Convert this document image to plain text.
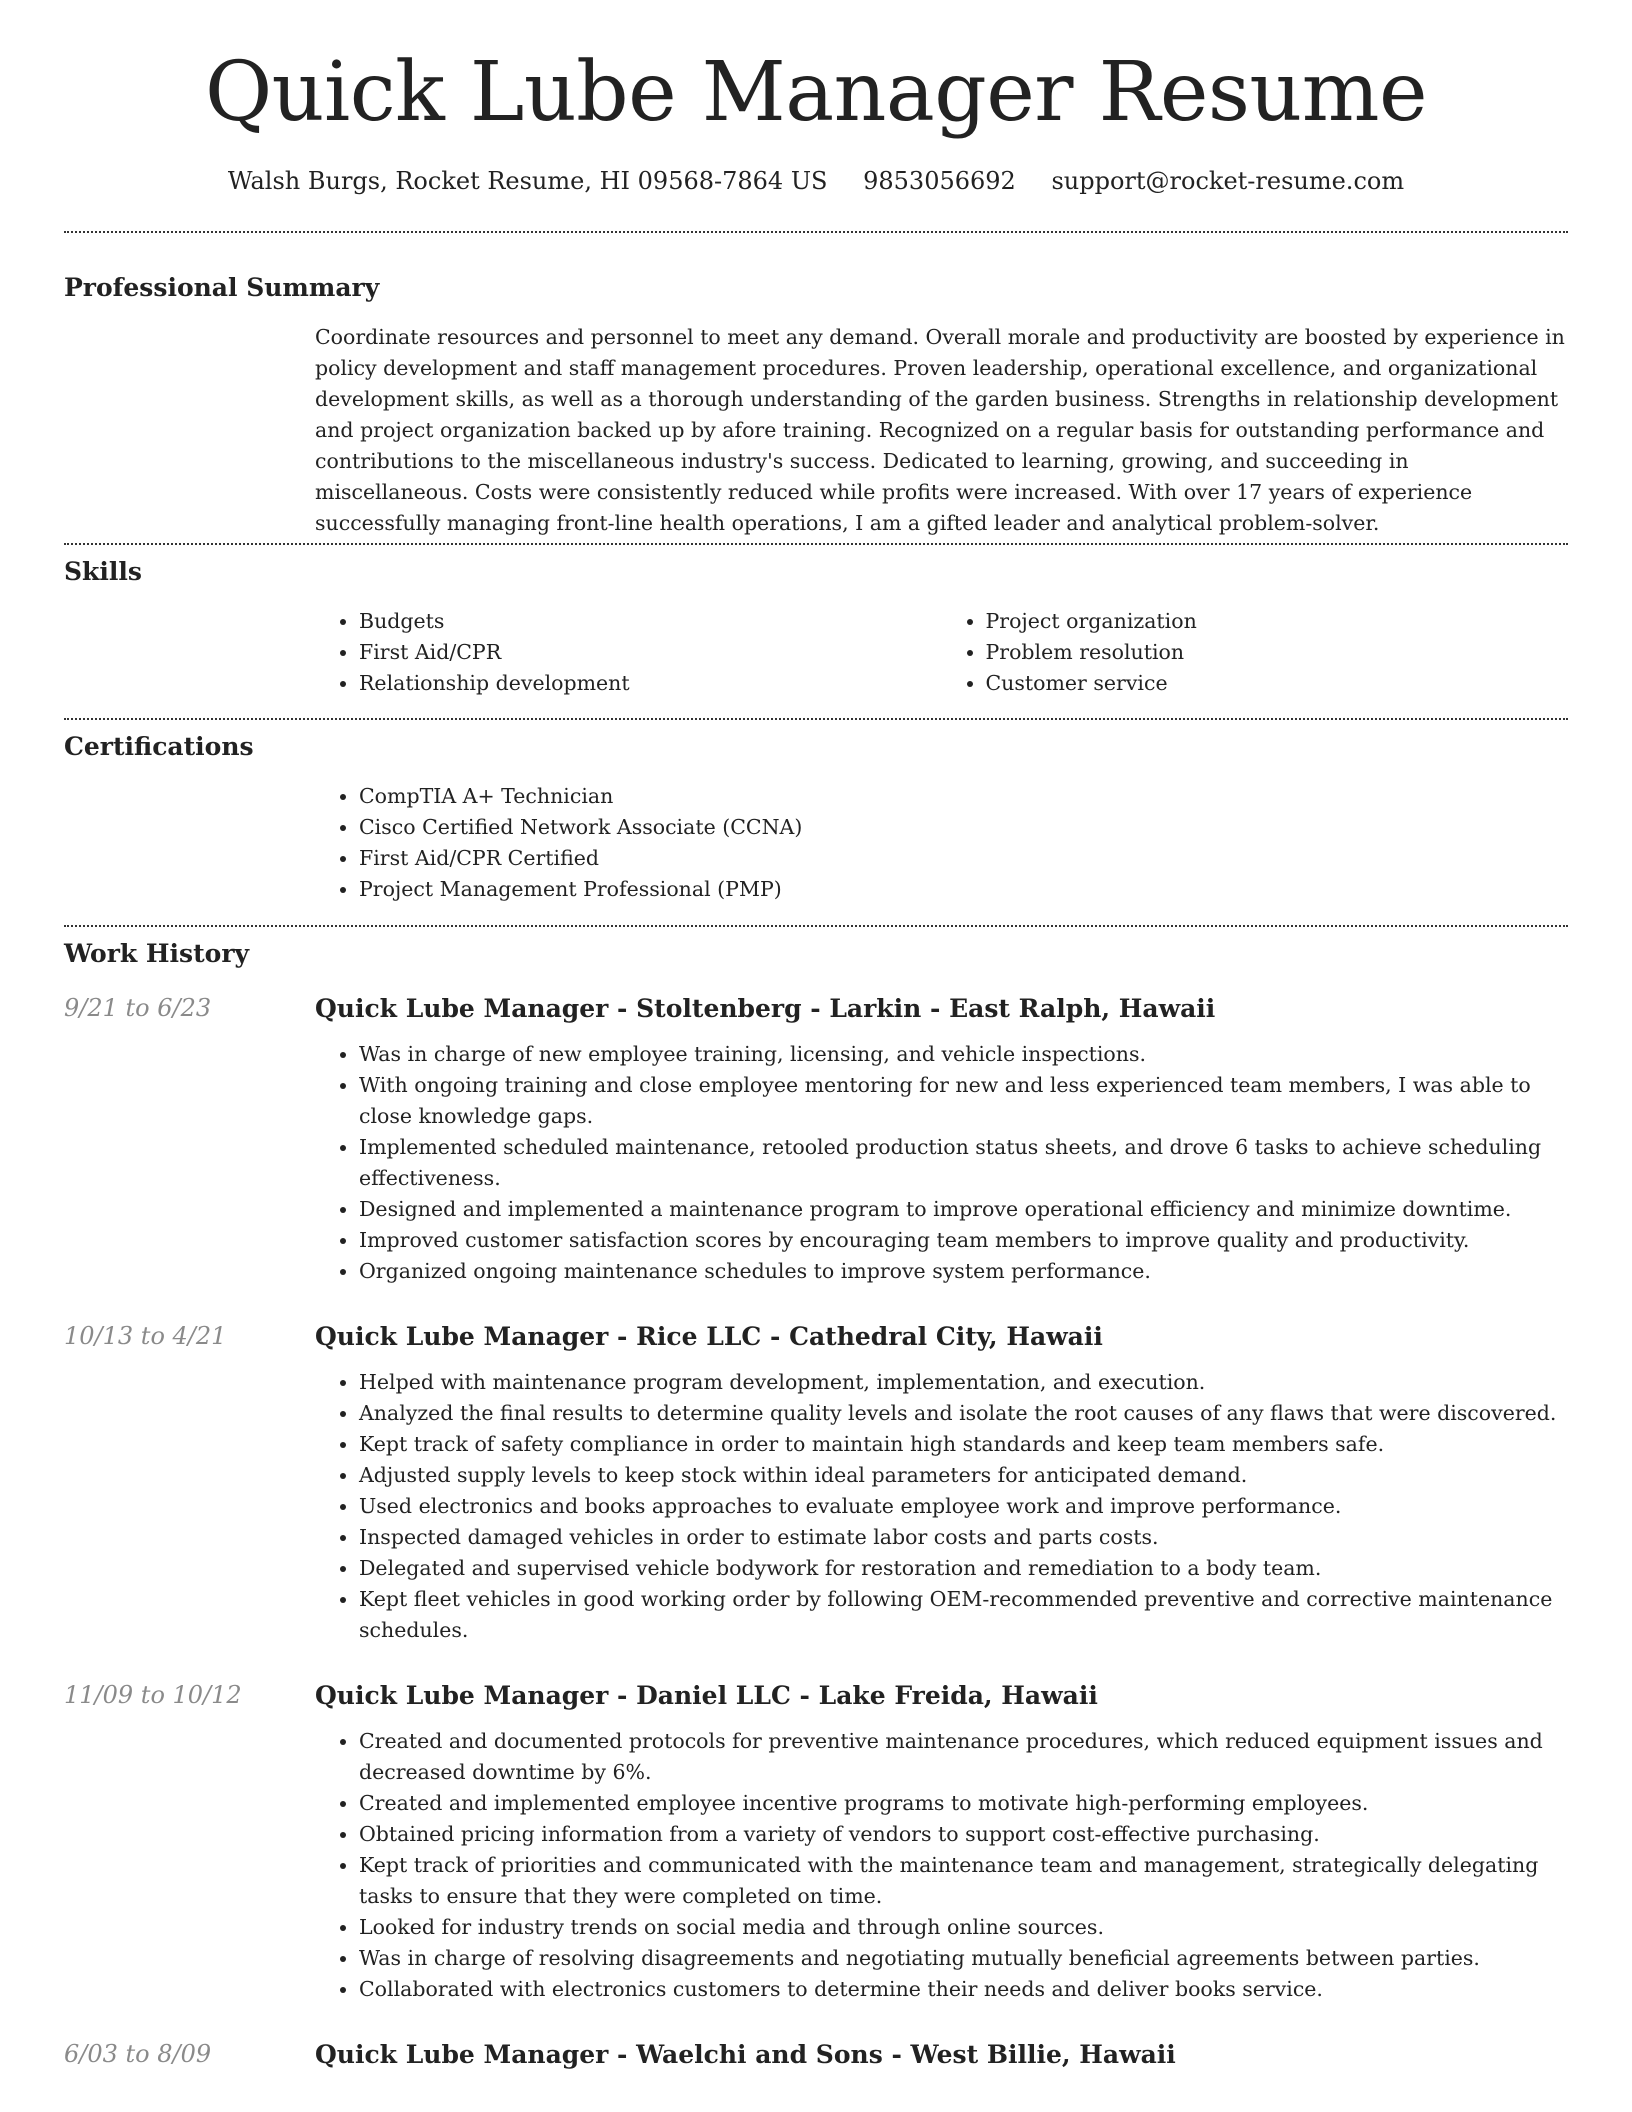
Quick Lube Manager Resume
Walsh Burgs, Rocket Resume, HI 09568-7864 US 9853056692 support@rocket-resume.com
Professional Summary

Coordinate resources and personnel to meet any demand. Overall morale and productivity are boosted by experience in policy development and staff management procedures. Proven leadership, operational excellence, and organizational development skills, as well as a thorough understanding of the garden business. Strengths in relationship development and project organization backed up by afore training. Recognized on a regular basis for outstanding performance and contributions to the miscellaneous industry's success. Dedicated to learning, growing, and succeeding in miscellaneous. Costs were consistently reduced while profits were increased. With over 17 years of experience successfully managing front-line health operations, I am a gifted leader and analytical problem-solver.

Skills
• Budgets
• First Aid/CPR
• Relationship development
• Project organization
• Problem resolution
• Customer service
Certifications
• CompTIA A+ Technician
• Cisco Certified Network Associate (CCNA)
• First Aid/CPR Certified
• Project Management Professional (PMP)
Work History
9/21 to 6/23	Quick Lube Manager - Stoltenberg - Larkin - East Ralph, Hawaii
• Was in charge of new employee training, licensing, and vehicle inspections.
• With ongoing training and close employee mentoring for new and less experienced team members, I was able to close knowledge gaps.
• Implemented scheduled maintenance, retooled production status sheets, and drove 6 tasks to achieve scheduling effectiveness.
• Designed and implemented a maintenance program to improve operational efficiency and minimize downtime.
• Improved customer satisfaction scores by encouraging team members to improve quality and productivity.
• Organized ongoing maintenance schedules to improve system performance.
10/13 to 4/21	Quick Lube Manager - Rice LLC - Cathedral City, Hawaii
• Helped with maintenance program development, implementation, and execution.
• Analyzed the final results to determine quality levels and isolate the root causes of any flaws that were discovered.
• Kept track of safety compliance in order to maintain high standards and keep team members safe.
• Adjusted supply levels to keep stock within ideal parameters for anticipated demand.
• Used electronics and books approaches to evaluate employee work and improve performance.
• Inspected damaged vehicles in order to estimate labor costs and parts costs.
• Delegated and supervised vehicle bodywork for restoration and remediation to a body team.
• Kept fleet vehicles in good working order by following OEM-recommended preventive and corrective maintenance schedules.
11/09 to 10/12	Quick Lube Manager - Daniel LLC - Lake Freida, Hawaii
• Created and documented protocols for preventive maintenance procedures, which reduced equipment issues and decreased downtime by 6%.
• Created and implemented employee incentive programs to motivate high-performing employees.
• Obtained pricing information from a variety of vendors to support cost-effective purchasing.
• Kept track of priorities and communicated with the maintenance team and management, strategically delegating tasks to ensure that they were completed on time.
• Looked for industry trends on social media and through online sources.
• Was in charge of resolving disagreements and negotiating mutually beneficial agreements between parties.
• Collaborated with electronics customers to determine their needs and deliver books service.
6/03 to 8/09	Quick Lube Manager - Waelchi and Sons - West Billie, Hawaii
